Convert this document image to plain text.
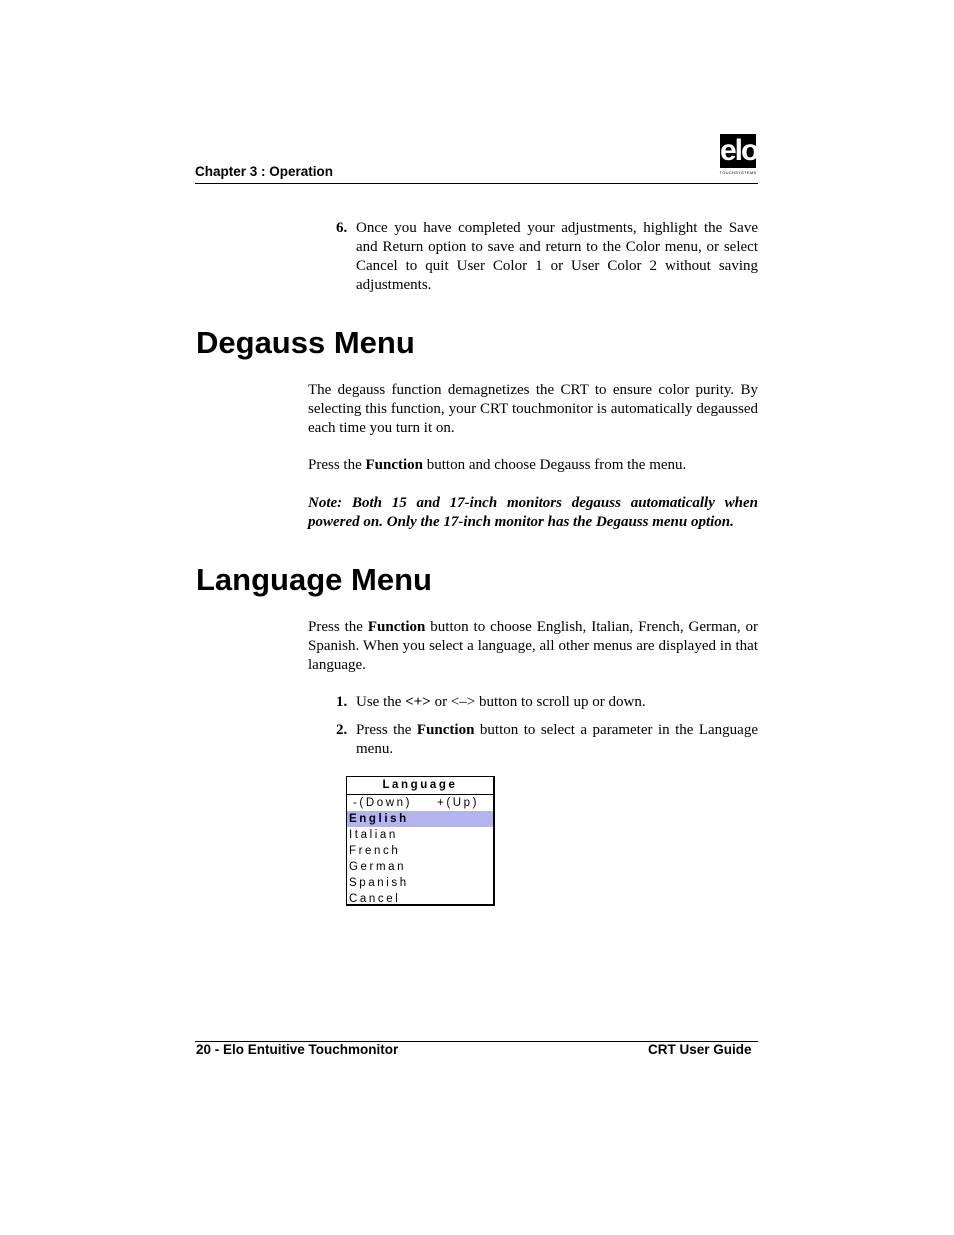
Chapter 3 : Operation
elo
TOUCHSYSTEMS
6. Once you have completed your adjustments, highlight the Save and Return option to save and return to the Color menu, or select Cancel to quit User Color 1 or User Color 2 without saving adjustments.
Degauss Menu
The degauss function demagnetizes the CRT to ensure color purity. By selecting this function, your CRT touchmonitor is automatically degaussed each time you turn it on.
Press the Function button and choose Degauss from the menu.
Note: Both 15 and 17-inch monitors degauss automatically when powered on. Only the 17-inch monitor has the Degauss menu option.
Language Menu
Press the Function button to choose English, Italian, French, German, or Spanish. When you select a language, all other menus are displayed in that language.
1. Use the <+> or <–> button to scroll up or down.
2. Press the Function button to select a parameter in the Language menu.
Language
-(Down) +(Up)
English
Italian
French
German
Spanish
Cancel
20 - Elo Entuitive Touchmonitor	CRT User Guide
